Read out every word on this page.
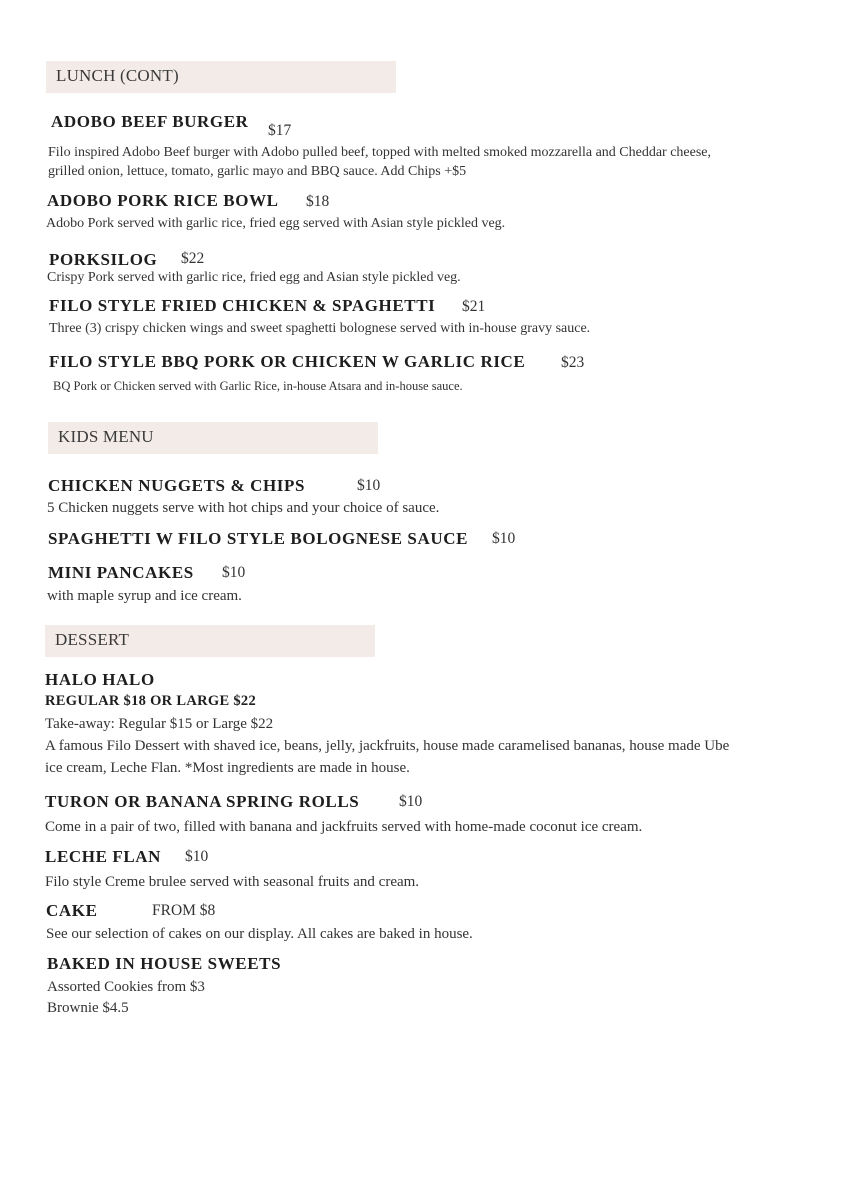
LUNCH (CONT)
ADOBO BEEF BURGER $17
Filo inspired Adobo Beef burger with Adobo pulled beef, topped with melted smoked mozzarella and Cheddar cheese,
grilled onion, lettuce, tomato, garlic mayo and BBQ sauce. Add Chips +$5
ADOBO PORK RICE BOWL $18
Adobo Pork served with garlic rice, fried egg served with Asian style pickled veg.
PORKSILOG $22
Crispy Pork served with garlic rice, fried egg and Asian style pickled veg.
FILO STYLE FRIED CHICKEN & SPAGHETTI $21
Three (3) crispy chicken wings and sweet spaghetti bolognese served with in-house gravy sauce.
FILO STYLE BBQ PORK OR CHICKEN W GARLIC RICE $23
BQ Pork or Chicken served with Garlic Rice, in-house Atsara and in-house sauce.
KIDS MENU
CHICKEN NUGGETS & CHIPS	$10
5 Chicken nuggets serve with hot chips and your choice of sauce.
SPAGHETTI W FILO STYLE BOLOGNESE SAUCE $10
MINI PANCAKES $10
with maple syrup and ice cream.
DESSERT
HALO HALO
REGULAR $18 OR LARGE $22
Take-away: Regular $15 or Large $22
A famous Filo Dessert with shaved ice, beans, jelly, jackfruits, house made caramelised bananas, house made Ube
ice cream, Leche Flan. *Most ingredients are made in house.
TURON OR BANANA SPRING ROLLS	$10
Come in a pair of two, filled with banana and jackfruits served with home-made coconut ice cream.
LECHE FLAN $10
Filo style Creme brulee served with seasonal fruits and cream.
CAKE	FROM $8
See our selection of cakes on our display. All cakes are baked in house.
BAKED IN HOUSE SWEETS
Assorted Cookies from $3
Brownie $4.5
